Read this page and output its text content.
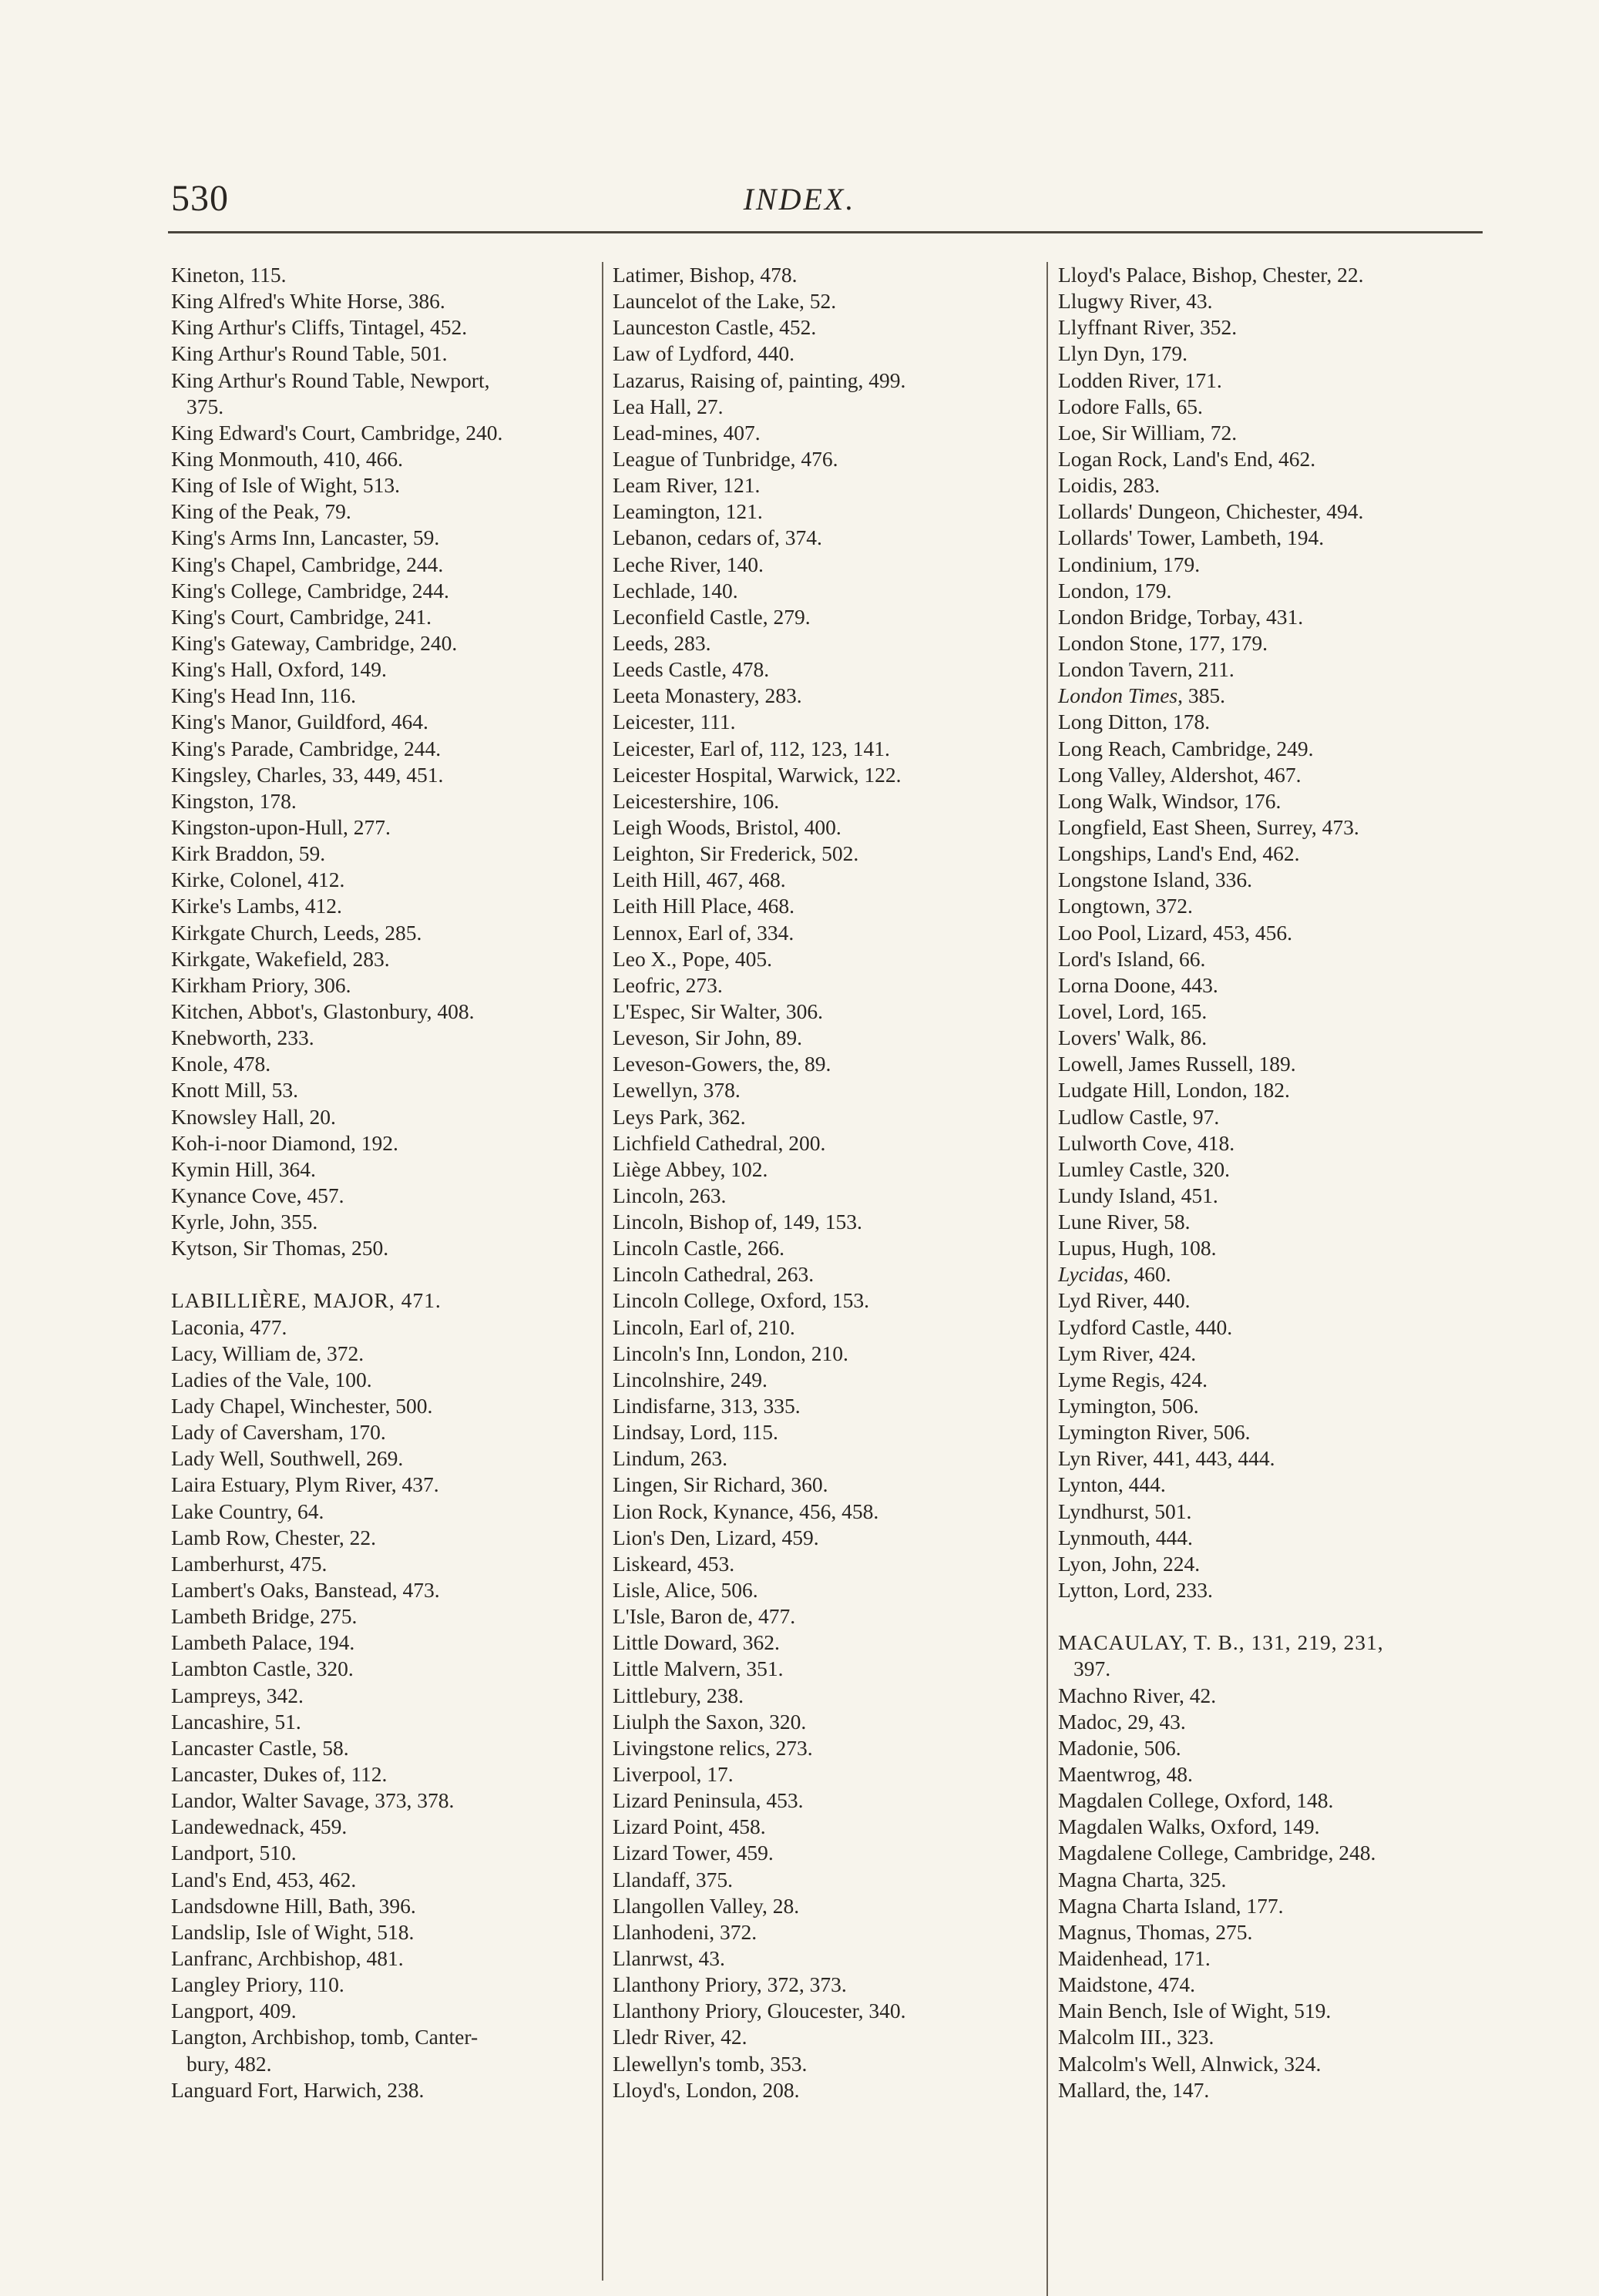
530	INDEX.
Kineton, 115.
King Alfred's White Horse, 386.
King Arthur's Cliffs, Tintagel, 452.
King Arthur's Round Table, 501.
King Arthur's Round Table, Newport,
375.
King Edward's Court, Cambridge, 240.
King Monmouth, 410, 466.
King of Isle of Wight, 513.
King of the Peak, 79.
King's Arms Inn, Lancaster, 59.
King's Chapel, Cambridge, 244.
King's College, Cambridge, 244.
King's Court, Cambridge, 241.
King's Gateway, Cambridge, 240.
King's Hall, Oxford, 149.
King's Head Inn, 116.
King's Manor, Guildford, 464.
King's Parade, Cambridge, 244.
Kingsley, Charles, 33, 449, 451.
Kingston, 178.
Kingston-upon-Hull, 277.
Kirk Braddon, 59.
Kirke, Colonel, 412.
Kirke's Lambs, 412.
Kirkgate Church, Leeds, 285.
Kirkgate, Wakefield, 283.
Kirkham Priory, 306.
Kitchen, Abbot's, Glastonbury, 408.
Knebworth, 233.
Knole, 478.
Knott Mill, 53.
Knowsley Hall, 20.
Koh-i-noor Diamond, 192.
Kymin Hill, 364.
Kynance Cove, 457.
Kyrle, John, 355.
Kytson, Sir Thomas, 250.
LABILLIÈRE, MAJOR, 471.
Laconia, 477.
Lacy, William de, 372.
Ladies of the Vale, 100.
Lady Chapel, Winchester, 500.
Lady of Caversham, 170.
Lady Well, Southwell, 269.
Laira Estuary, Plym River, 437.
Lake Country, 64.
Lamb Row, Chester, 22.
Lamberhurst, 475.
Lambert's Oaks, Banstead, 473.
Lambeth Bridge, 275.
Lambeth Palace, 194.
Lambton Castle, 320.
Lampreys, 342.
Lancashire, 51.
Lancaster Castle, 58.
Lancaster, Dukes of, 112.
Landor, Walter Savage, 373, 378.
Landewednack, 459.
Landport, 510.
Land's End, 453, 462.
Landsdowne Hill, Bath, 396.
Landslip, Isle of Wight, 518.
Lanfranc, Archbishop, 481.
Langley Priory, 110.
Langport, 409.
Langton, Archbishop, tomb, Canter-
bury, 482.
Languard Fort, Harwich, 238.
Latimer, Bishop, 478.
Launcelot of the Lake, 52.
Launceston Castle, 452.
Law of Lydford, 440.
Lazarus, Raising of, painting, 499.
Lea Hall, 27.
Lead-mines, 407.
League of Tunbridge, 476.
Leam River, 121.
Leamington, 121.
Lebanon, cedars of, 374.
Leche River, 140.
Lechlade, 140.
Leconfield Castle, 279.
Leeds, 283.
Leeds Castle, 478.
Leeta Monastery, 283.
Leicester, 111.
Leicester, Earl of, 112, 123, 141.
Leicester Hospital, Warwick, 122.
Leicestershire, 106.
Leigh Woods, Bristol, 400.
Leighton, Sir Frederick, 502.
Leith Hill, 467, 468.
Leith Hill Place, 468.
Lennox, Earl of, 334.
Leo X., Pope, 405.
Leofric, 273.
L'Espec, Sir Walter, 306.
Leveson, Sir John, 89.
Leveson-Gowers, the, 89.
Lewellyn, 378.
Leys Park, 362.
Lichfield Cathedral, 200.
Liège Abbey, 102.
Lincoln, 263.
Lincoln, Bishop of, 149, 153.
Lincoln Castle, 266.
Lincoln Cathedral, 263.
Lincoln College, Oxford, 153.
Lincoln, Earl of, 210.
Lincoln's Inn, London, 210.
Lincolnshire, 249.
Lindisfarne, 313, 335.
Lindsay, Lord, 115.
Lindum, 263.
Lingen, Sir Richard, 360.
Lion Rock, Kynance, 456, 458.
Lion's Den, Lizard, 459.
Liskeard, 453.
Lisle, Alice, 506.
L'Isle, Baron de, 477.
Little Doward, 362.
Little Malvern, 351.
Littlebury, 238.
Liulph the Saxon, 320.
Livingstone relics, 273.
Liverpool, 17.
Lizard Peninsula, 453.
Lizard Point, 458.
Lizard Tower, 459.
Llandaff, 375.
Llangollen Valley, 28.
Llanhodeni, 372.
Llanrwst, 43.
Llanthony Priory, 372, 373.
Llanthony Priory, Gloucester, 340.
Lledr River, 42.
Llewellyn's tomb, 353.
Lloyd's, London, 208.
Lloyd's Palace, Bishop, Chester, 22.
Llugwy River, 43.
Llyffnant River, 352.
Llyn Dyn, 179.
Lodden River, 171.
Lodore Falls, 65.
Loe, Sir William, 72.
Logan Rock, Land's End, 462.
Loidis, 283.
Lollards' Dungeon, Chichester, 494.
Lollards' Tower, Lambeth, 194.
Londinium, 179.
London, 179.
London Bridge, Torbay, 431.
London Stone, 177, 179.
London Tavern, 211.
London Times, 385.
Long Ditton, 178.
Long Reach, Cambridge, 249.
Long Valley, Aldershot, 467.
Long Walk, Windsor, 176.
Longfield, East Sheen, Surrey, 473.
Longships, Land's End, 462.
Longstone Island, 336.
Longtown, 372.
Loo Pool, Lizard, 453, 456.
Lord's Island, 66.
Lorna Doone, 443.
Lovel, Lord, 165.
Lovers' Walk, 86.
Lowell, James Russell, 189.
Ludgate Hill, London, 182.
Ludlow Castle, 97.
Lulworth Cove, 418.
Lumley Castle, 320.
Lundy Island, 451.
Lune River, 58.
Lupus, Hugh, 108.
Lycidas, 460.
Lyd River, 440.
Lydford Castle, 440.
Lym River, 424.
Lyme Regis, 424.
Lymington, 506.
Lymington River, 506.
Lyn River, 441, 443, 444.
Lynton, 444.
Lyndhurst, 501.
Lynmouth, 444.
Lyon, John, 224.
Lytton, Lord, 233.
MACAULAY, T. B., 131, 219, 231,
397.
Machno River, 42.
Madoc, 29, 43.
Madonie, 506.
Maentwrog, 48.
Magdalen College, Oxford, 148.
Magdalen Walks, Oxford, 149.
Magdalene College, Cambridge, 248.
Magna Charta, 325.
Magna Charta Island, 177.
Magnus, Thomas, 275.
Maidenhead, 171.
Maidstone, 474.
Main Bench, Isle of Wight, 519.
Malcolm III., 323.
Malcolm's Well, Alnwick, 324.
Mallard, the, 147.
